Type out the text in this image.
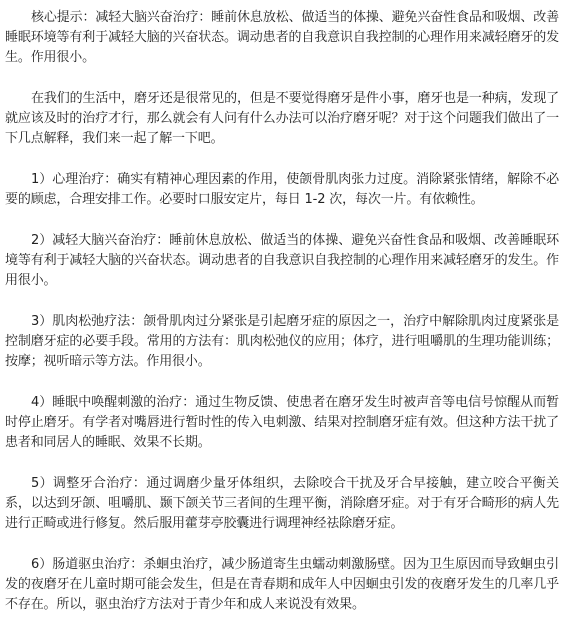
核心提示：减轻大脑兴奋治疗：睡前休息放松、做适当的体操、避免兴奋性食品和吸烟、改善睡眠环境等有利于减轻大脑的兴奋状态。调动患者的自我意识自我控制的心理作用来减轻磨牙的发生。作用很小。

在我们的生活中，磨牙还是很常见的，但是不要觉得磨牙是件小事，磨牙也是一种病，发现了就应该及时的治疗才行，那么就会有人问有什么办法可以治疗磨牙呢？对于这个问题我们做出了一下几点解释，我们来一起了解一下吧。

1）心理治疗：确实有精神心理因素的作用，使颌骨肌肉张力过度。消除紧张情绪，解除不必要的顾虑，合理安排工作。必要时口服安定片，每日 1-2 次，每次一片。有依赖性。

2）减轻大脑兴奋治疗：睡前休息放松、做适当的体操、避免兴奋性食品和吸烟、改善睡眠环境等有利于减轻大脑的兴奋状态。调动患者的自我意识自我控制的心理作用来减轻磨牙的发生。作用很小。

3）肌肉松弛疗法：颌骨肌肉过分紧张是引起磨牙症的原因之一，治疗中解除肌肉过度紧张是控制磨牙症的必要手段。常用的方法有：肌肉松弛仪的应用；体疗，进行咀嚼肌的生理功能训练；按摩；视听暗示等方法。作用很小。

4）睡眠中唤醒刺激的治疗：通过生物反馈、使患者在磨牙发生时被声音等电信号惊醒从而暂时停止磨牙。有学者对嘴唇进行暂时性的传入电刺激、结果对控制磨牙症有效。但这种方法干扰了患者和同居人的睡眠、效果不长期。

5）调整牙合治疗：通过调磨少量牙体组织，去除咬合干扰及牙合早接触，建立咬合平衡关系，以达到牙颌、咀嚼肌、颞下颌关节三者间的生理平衡，消除磨牙症。对于有牙合畸形的病人先进行正畸或进行修复。然后服用藿芽亭胶囊进行调理神经祛除磨牙症。

6）肠道驱虫治疗：杀蛔虫治疗，减少肠道寄生虫蠕动刺激肠壁。因为卫生原因而导致蛔虫引发的夜磨牙在儿童时期可能会发生，但是在青春期和成年人中因蛔虫引发的夜磨牙发生的几率几乎不存在。所以，驱虫治疗方法对于青少年和成人来说没有效果。
